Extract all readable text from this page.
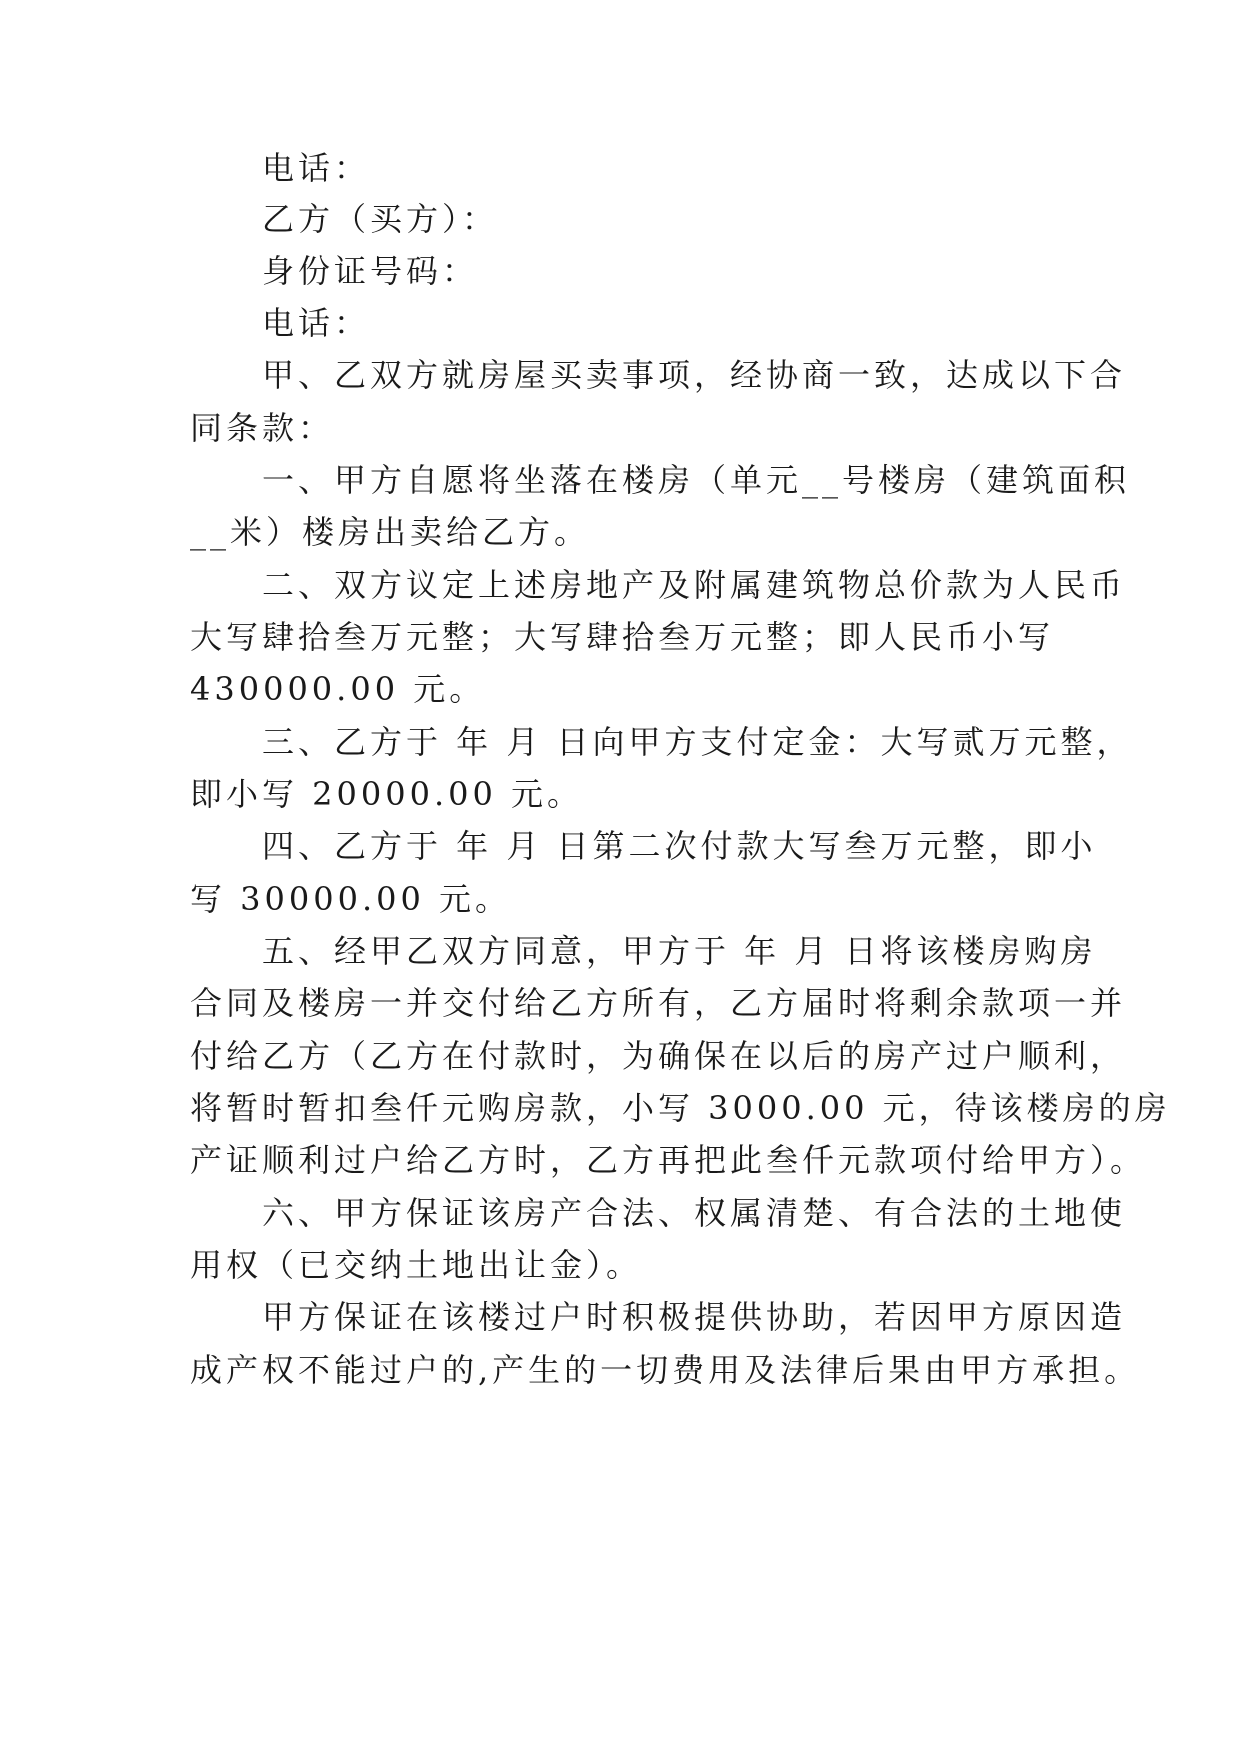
　　电话：
　　乙方（买方）：
　　身份证号码：
　　电话：
　　甲、乙双方就房屋买卖事项，经协商一致，达成以下合
同条款：
　　一、甲方自愿将坐落在楼房（单元__号楼房（建筑面积
__米）楼房出卖给乙方。
　　二、双方议定上述房地产及附属建筑物总价款为人民币
大写肆拾叁万元整；大写肆拾叁万元整；即人民币小写
430000.00 元。
　　三、乙方于 年 月 日向甲方支付定金：大写贰万元整，
即小写 20000.00 元。
　　四、乙方于 年 月 日第二次付款大写叁万元整，即小
写 30000.00 元。
　　五、经甲乙双方同意，甲方于 年 月 日将该楼房购房
合同及楼房一并交付给乙方所有，乙方届时将剩余款项一并
付给乙方（乙方在付款时，为确保在以后的房产过户顺利，
将暂时暂扣叁仟元购房款，小写 3000.00 元，待该楼房的房
产证顺利过户给乙方时，乙方再把此叁仟元款项付给甲方）。
　　六、甲方保证该房产合法、权属清楚、有合法的土地使
用权（已交纳土地出让金）。
　　甲方保证在该楼过户时积极提供协助，若因甲方原因造
成产权不能过户的,产生的一切费用及法律后果由甲方承担。
